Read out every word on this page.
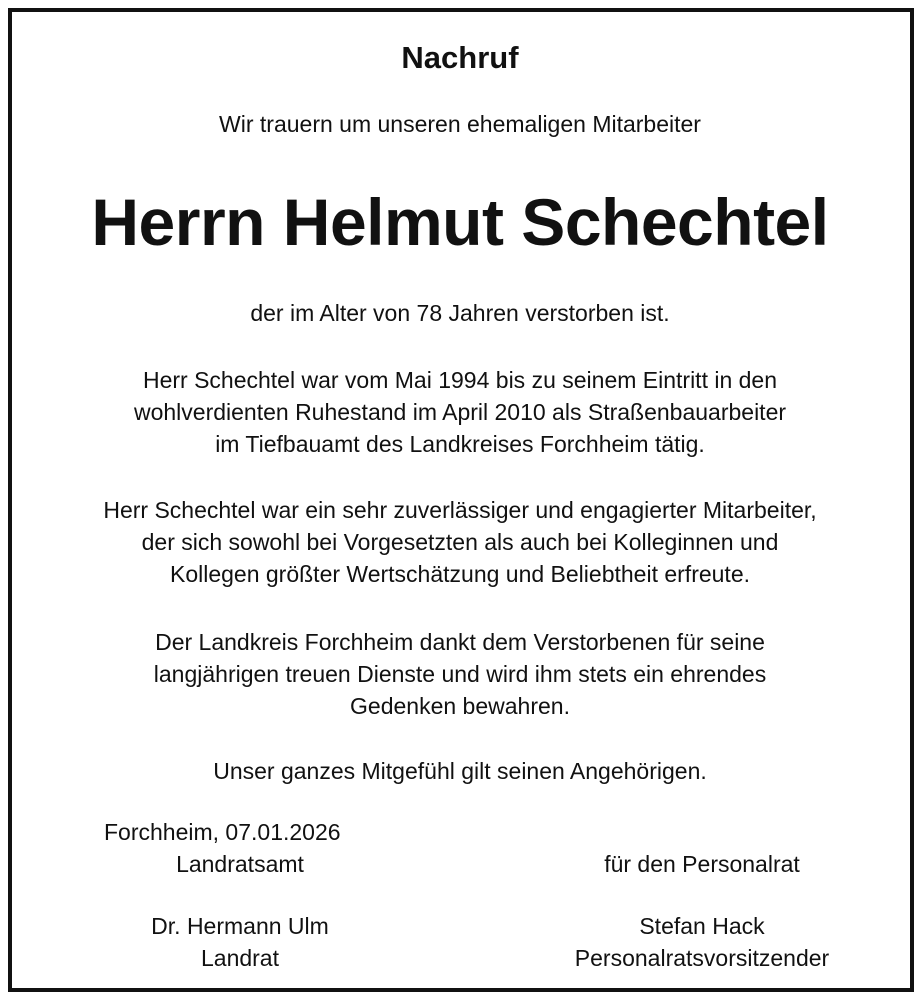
Nachruf

Wir trauern um unseren ehemaligen Mitarbeiter

Herrn Helmut Schechtel

der im Alter von 78 Jahren verstorben ist.

Herr Schechtel war vom Mai 1994 bis zu seinem Eintritt in den
wohlverdienten Ruhestand im April 2010 als Straßenbauarbeiter
im Tiefbauamt des Landkreises Forchheim tätig.

Herr Schechtel war ein sehr zuverlässiger und engagierter Mitarbeiter,
der sich sowohl bei Vorgesetzten als auch bei Kolleginnen und
Kollegen größter Wertschätzung und Beliebtheit erfreute.

Der Landkreis Forchheim dankt dem Verstorbenen für seine
langjährigen treuen Dienste und wird ihm stets ein ehrendes
Gedenken bewahren.

Unser ganzes Mitgefühl gilt seinen Angehörigen.

Forchheim, 07.01.2026

Landratsamt	für den Personalrat

Dr. Hermann Ulm

Landrat

Stefan Hack

Personalratsvorsitzender
